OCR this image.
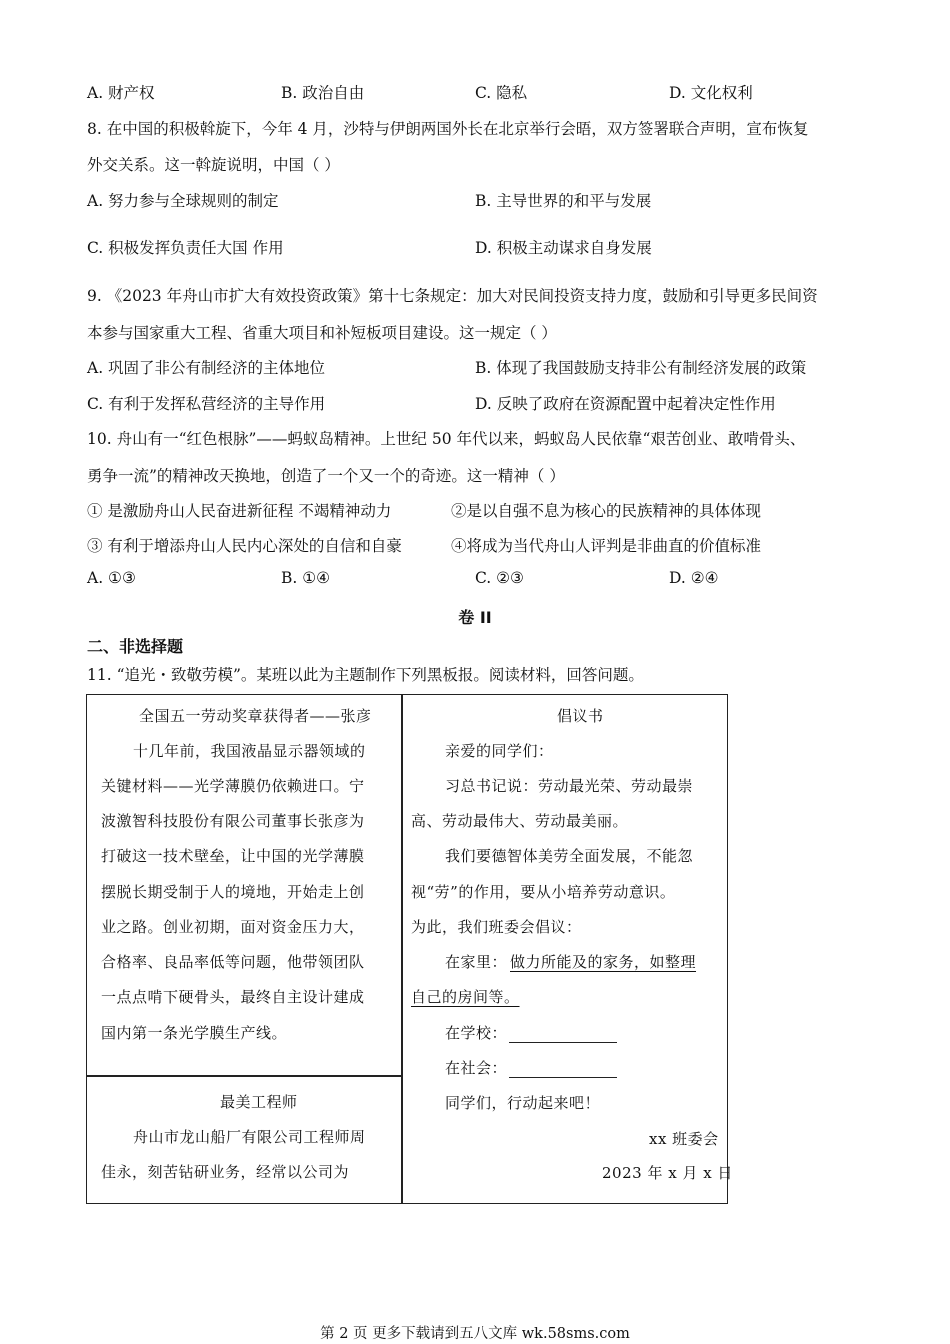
A. 财产权	B. 政治自由	C. 隐私	D. 文化权利
8. 在中国的积极斡旋下，今年 4 月，沙特与伊朗两国外长在北京举行会晤，双方签署联合声明，宣布恢复
外交关系。这一斡旋说明，中国（ ）
A. 努力参与全球规则的制定	B. 主导世界的和平与发展
C. 积极发挥负责任大国 作用	D. 积极主动谋求自身发展
9. 《2023 年舟山市扩大有效投资政策》第十七条规定：加大对民间投资支持力度，鼓励和引导更多民间资
本参与国家重大工程、省重大项目和补短板项目建设。这一规定（ ）
A. 巩固了非公有制经济的主体地位	B. 体现了我国鼓励支持非公有制经济发展的政策
C. 有利于发挥私营经济的主导作用	D. 反映了政府在资源配置中起着决定性作用
10. 舟山有一“红色根脉”——蚂蚁岛精神。上世纪 50 年代以来，蚂蚁岛人民依靠“艰苦创业、敢啃骨头、
勇争一流”的精神改天换地，创造了一个又一个的奇迹。这一精神（ ）
① 是激励舟山人民奋进新征程 不竭精神动力	②是以自强不息为核心的民族精神的具体体现
③ 有利于增添舟山人民内心深处的自信和自豪	④将成为当代舟山人评判是非曲直的价值标准
A. ①③	B. ①④	C. ②③	D. ②④
卷 II
二、非选择题
11. “追光・致敬劳模”。某班以此为主题制作下列黑板报。阅读材料，回答问题。
全国五一劳动奖章获得者——张彦
十几年前，我国液晶显示器领域的
关键材料——光学薄膜仍依赖进口。宁
波激智科技股份有限公司董事长张彦为
打破这一技术壁垒，让中国的光学薄膜
摆脱长期受制于人的境地，开始走上创
业之路。创业初期，面对资金压力大，
合格率、良品率低等问题，他带领团队
一点点啃下硬骨头，最终自主设计建成
国内第一条光学膜生产线。
最美工程师
舟山市龙山船厂有限公司工程师周
佳永，刻苦钻研业务，经常以公司为
倡议书
亲爱的同学们：
习总书记说：劳动最光荣、劳动最崇
高、劳动最伟大、劳动最美丽。
我们要德智体美劳全面发展，不能忽
视“劳”的作用，要从小培养劳动意识。
为此，我们班委会倡议：
在家里： 做力所能及的家务，如整理
自己的房间等。
在学校：
在社会：
同学们，行动起来吧！
xx 班委会
2023 年 x 月 x 日
第 2 页 更多下载请到五八文库 wk.58sms.com
